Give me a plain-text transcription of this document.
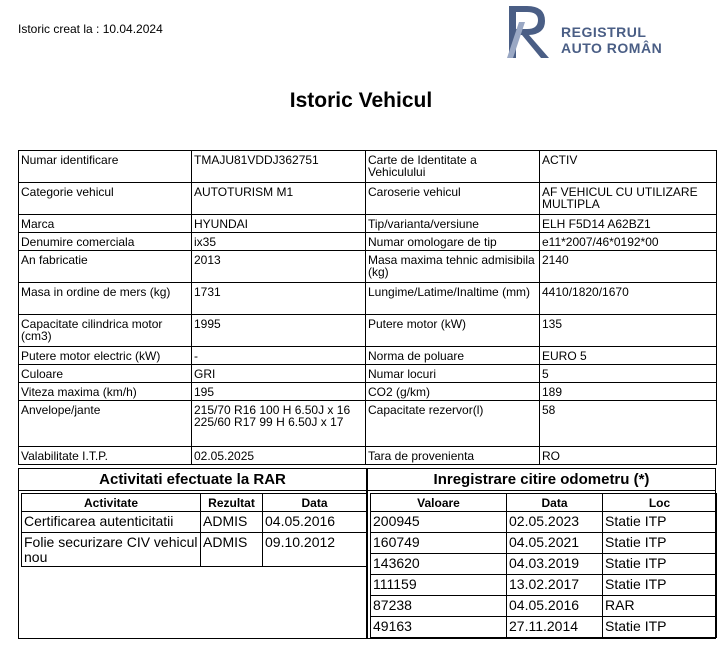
Istoric creat la : 10.04.2024	REGISTRUL
AUTO ROMÂN
Istoric Vehicul
Numar identificare	TMAJU81VDDJ362751	Carte de Identitate a Vehiculului	ACTIV
Categorie vehicul	AUTOTURISM M1	Caroserie vehicul	AF VEHICUL CU UTILIZARE MULTIPLA
Marca	HYUNDAI	Tip/varianta/versiune	ELH F5D14 A62BZ1
Denumire comerciala	ix35	Numar omologare de tip	e11*2007/46*0192*00
An fabricatie	2013	Masa maxima tehnic admisibila (kg)	2140
Masa in ordine de mers (kg)	1731	Lungime/Latime/Inaltime (mm)	4410/1820/1670
Capacitate cilindrica motor (cm3)	1995	Putere motor (kW)	135
Putere motor electric (kW)	-	Norma de poluare	EURO 5
Culoare	GRI	Numar locuri	5
Viteza maxima (km/h)	195	CO2 (g/km)	189
Anvelope/jante	215/70 R16 100 H 6.50J x 16 225/60 R17 99 H 6.50J x 17	Capacitate rezervor(l)	58
Valabilitate I.T.P.	02.05.2025	Tara de provenienta	RO
Activitati efectuate la RAR
Activitate	Rezultat	Data
Certificarea autenticitatii	ADMIS	04.05.2016
Folie securizare CIV vehicul nou	ADMIS	09.10.2012
Inregistrare citire odometru (*)
Valoare	Data	Loc
200945	02.05.2023	Statie ITP
160749	04.05.2021	Statie ITP
143620	04.03.2019	Statie ITP
111159	13.02.2017	Statie ITP
87238	04.05.2016	RAR
49163	27.11.2014	Statie ITP
